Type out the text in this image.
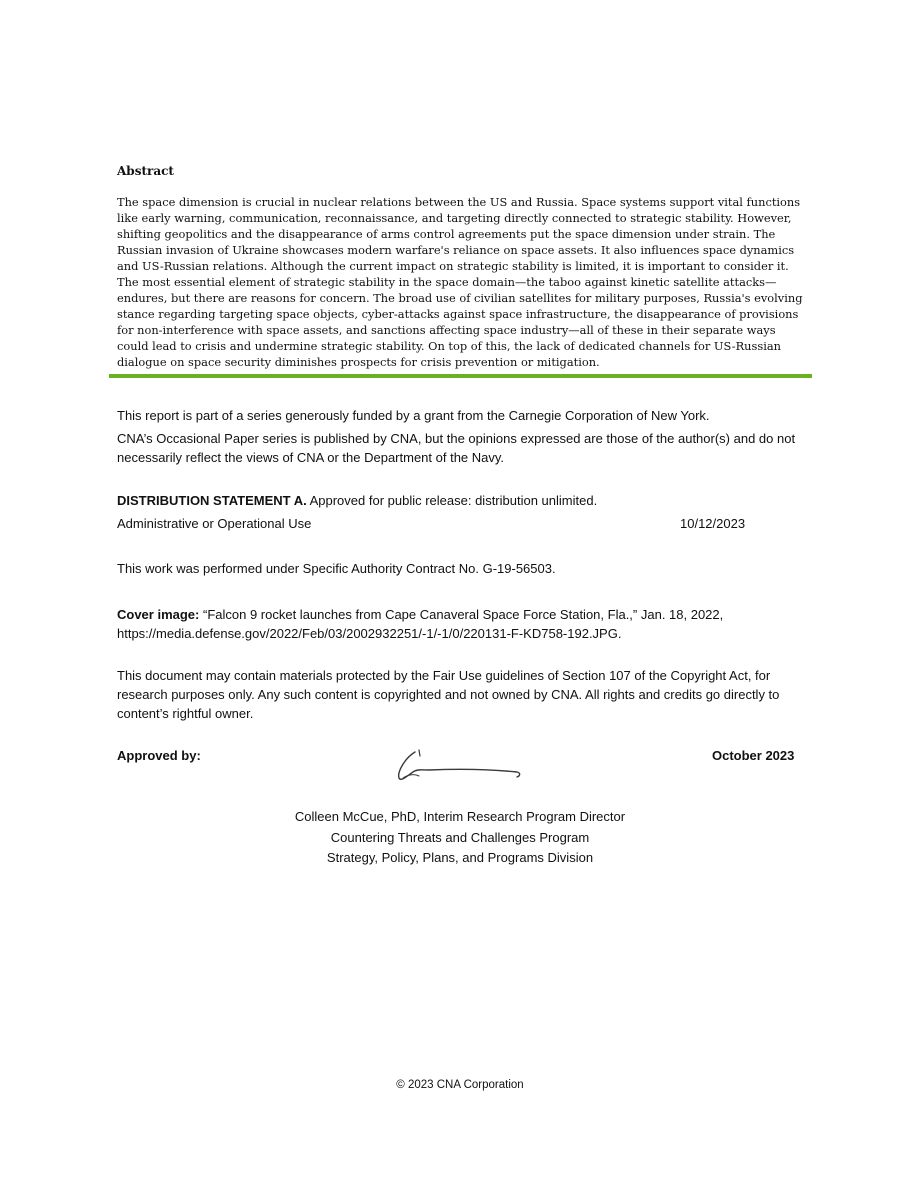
Abstract

The space dimension is crucial in nuclear relations between the US and Russia. Space systems support vital functions like early warning, communication, reconnaissance, and targeting directly connected to strategic stability. However, shifting geopolitics and the disappearance of arms control agreements put the space dimension under strain. The Russian invasion of Ukraine showcases modern warfare's reliance on space assets. It also influences space dynamics and US-Russian relations. Although the current impact on strategic stability is limited, it is important to consider it. The most essential element of strategic stability in the space domain—the taboo against kinetic satellite attacks—endures, but there are reasons for concern. The broad use of civilian satellites for military purposes, Russia's evolving stance regarding targeting space objects, cyber-attacks against space infrastructure, the disappearance of provisions for non-interference with space assets, and sanctions affecting space industry—all of these in their separate ways could lead to crisis and undermine strategic stability. On top of this, the lack of dedicated channels for US-Russian dialogue on space security diminishes prospects for crisis prevention or mitigation.

This report is part of a series generously funded by a grant from the Carnegie Corporation of New York.

CNA’s Occasional Paper series is published by CNA, but the opinions expressed are those of the author(s) and do not necessarily reflect the views of CNA or the Department of the Navy.

DISTRIBUTION STATEMENT A. Approved for public release: distribution unlimited.

Administrative or Operational Use	10/12/2023

This work was performed under Specific Authority Contract No. G-19-56503.

Cover image: “Falcon 9 rocket launches from Cape Canaveral Space Force Station, Fla.,” Jan. 18, 2022, https://media.defense.gov/2022/Feb/03/2002932251/-1/-1/0/220131-F-KD758-192.JPG.

This document may contain materials protected by the Fair Use guidelines of Section 107 of the Copyright Act, for research purposes only. Any such content is copyrighted and not owned by CNA. All rights and credits go directly to content’s rightful owner.

Approved by:	October 2023

Colleen McCue, PhD, Interim Research Program Director
Countering Threats and Challenges Program
Strategy, Policy, Plans, and Programs Division

© 2023 CNA Corporation
